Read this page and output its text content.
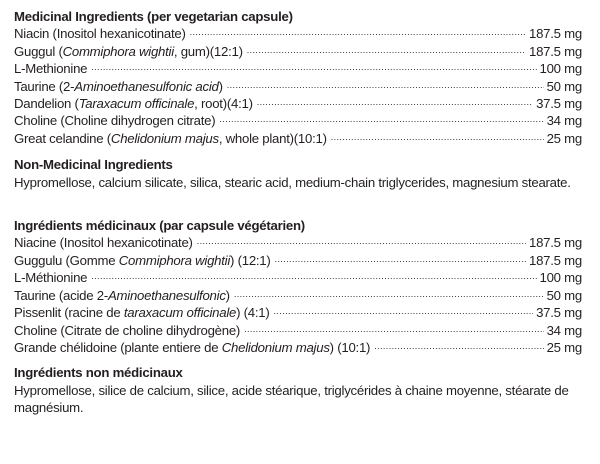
Medicinal Ingredients (per vegetarian capsule)
Niacin (Inositol hexanicotinate) .....	187.5 mg
Guggul (Commiphora wightii, gum)(12:1) .....	187.5 mg
L-Methionine .....	100 mg
Taurine (2-Aminoethanesulfonic acid) .....	50 mg
Dandelion (Taraxacum officinale, root)(4:1) .....	37.5 mg
Choline (Choline dihydrogen citrate) .....	34 mg
Great celandine (Chelidonium majus, whole plant)(10:1) .....	25 mg
Non-Medicinal Ingredients
Hypromellose, calcium silicate, silica, stearic acid, medium-chain triglycerides, magnesium stearate.
Ingrédients médicinaux (par capsule végétarien)
Niacine (Inositol hexanicotinate) .....	187.5 mg
Guggulu (Gomme Commiphora wightii) (12:1) .....	187.5 mg
L-Méthionine .....	100 mg
Taurine (acide 2-Aminoethanesulfonic) .....	50 mg
Pissenlit (racine de taraxacum officinale) (4:1) .....	37.5 mg
Choline (Citrate de choline dihydrogène) .....	34 mg
Grande chélidoine (plante entiere de Chelidonium majus) (10:1) .....	25 mg
Ingrédients non médicinaux
Hypromellose, silice de calcium, silice, acide stéarique, triglycérides à chaine moyenne, stéarate de magnésium.
